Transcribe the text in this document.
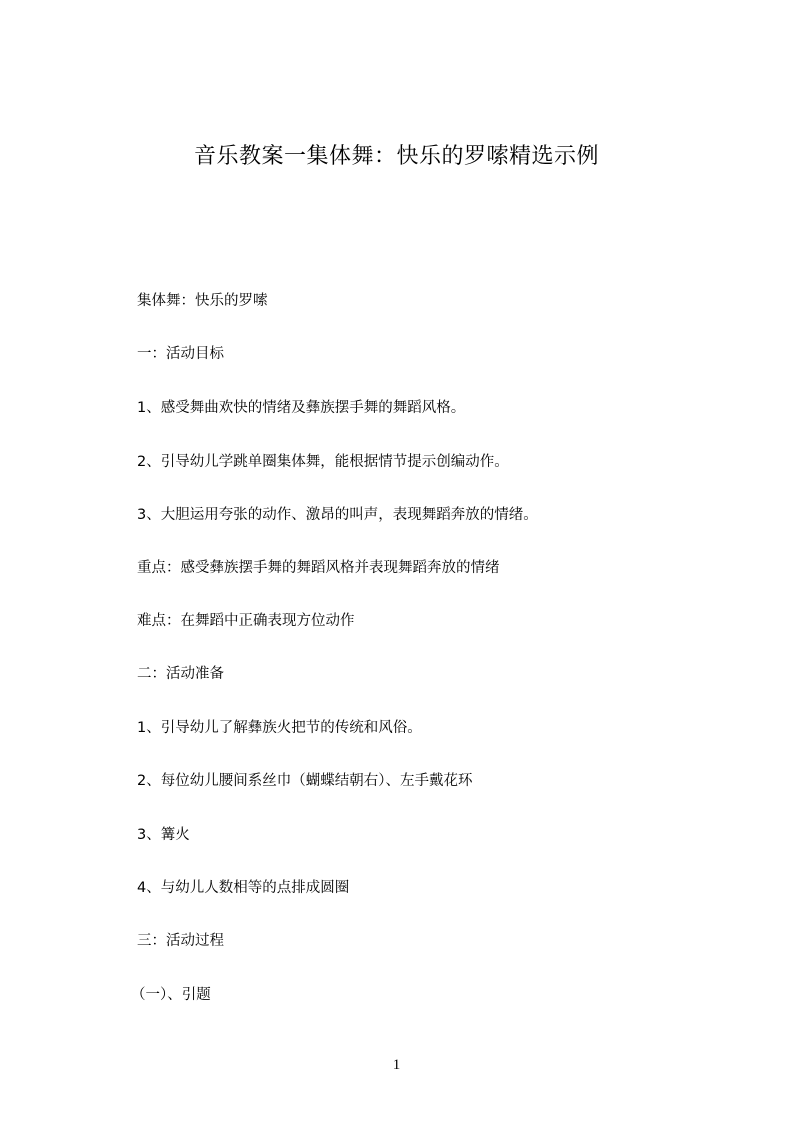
音乐教案一集体舞：快乐的罗嗦精选示例
集体舞：快乐的罗嗦
一：活动目标
1、感受舞曲欢快的情绪及彝族摆手舞的舞蹈风格。
2、引导幼儿学跳单圈集体舞，能根据情节提示创编动作。
3、大胆运用夸张的动作、激昂的叫声，表现舞蹈奔放的情绪。
重点：感受彝族摆手舞的舞蹈风格并表现舞蹈奔放的情绪
难点：在舞蹈中正确表现方位动作
二：活动准备
1、引导幼儿了解彝族火把节的传统和风俗。
2、每位幼儿腰间系丝巾（蝴蝶结朝右）、左手戴花环
3、篝火
4、与幼儿人数相等的点排成圆圈
三：活动过程
（一）、引题
1
